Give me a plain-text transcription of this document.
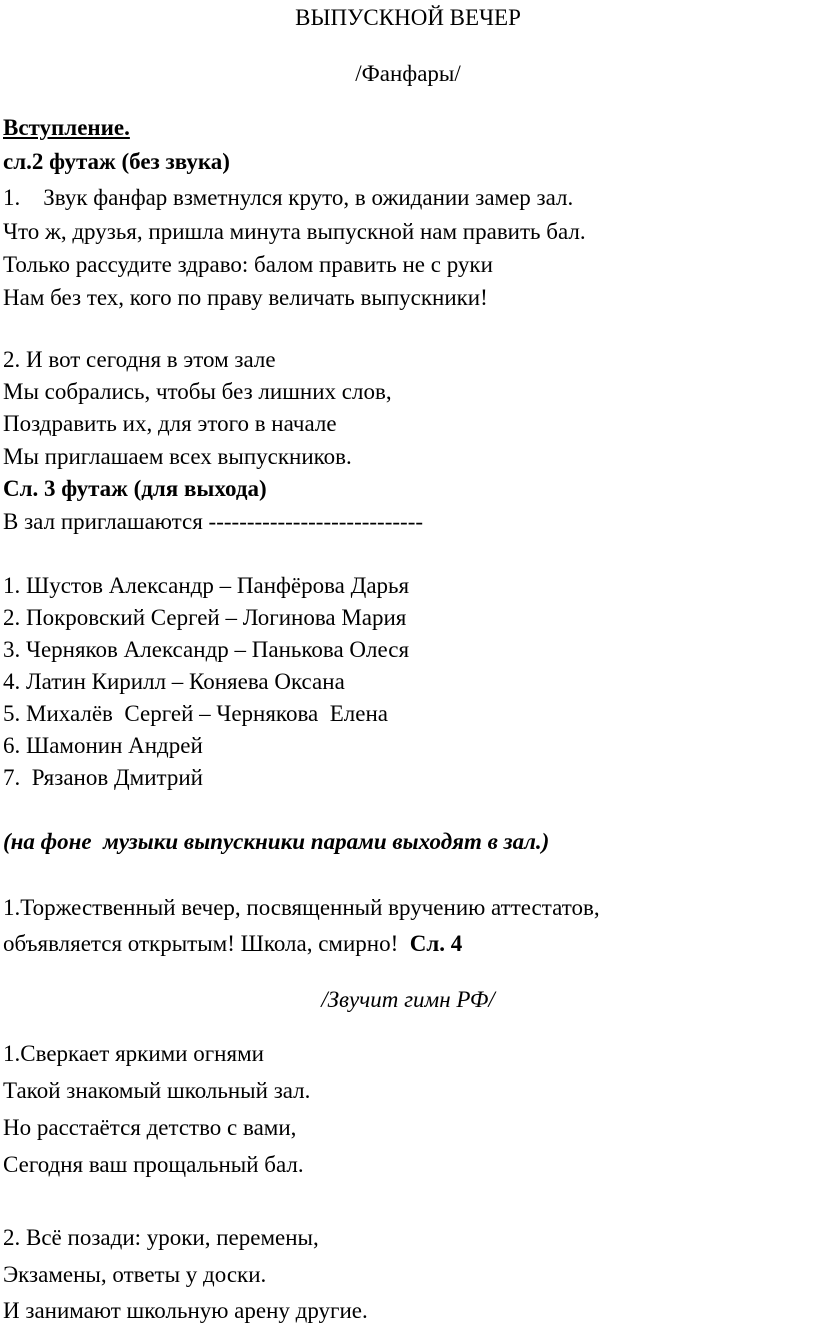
ВЫПУСКНОЙ ВЕЧЕР
/Фанфары/
Вступление.
сл.2 футаж (без звука)
1.    Звук фанфар взметнулся круто, в ожидании замер зал.
Что ж, друзья, пришла минута выпускной нам править бал.
Только рассудите здраво: балом править не с руки
Нам без тех, кого по праву величать выпускники!
2. И вот сегодня в этом зале
Мы собрались, чтобы без лишних слов,
Поздравить их, для этого в начале
Мы приглашаем всех выпускников.
Сл. 3 футаж (для выхода)
В зал приглашаются ----------------------------
1. Шустов Александр – Панфёрова Дарья
2. Покровский Сергей – Логинова Мария
3. Черняков Александр – Панькова Олеся
4. Латин Кирилл – Коняева Оксана
5. Михалёв  Сергей – Чернякова  Елена
6. Шамонин Андрей
7.  Рязанов Дмитрий
(на фоне  музыки выпускники парами выходят в зал.)
1.Торжественный вечер, посвященный вручению аттестатов,
объявляется открытым! Школа, смирно!  Сл. 4
/Звучит гимн РФ/
1.Сверкает яркими огнями
Такой знакомый школьный зал.
Но расстаётся детство с вами,
Сегодня ваш прощальный бал.
2. Всё позади: уроки, перемены,
Экзамены, ответы у доски.
И занимают школьную арену другие.
